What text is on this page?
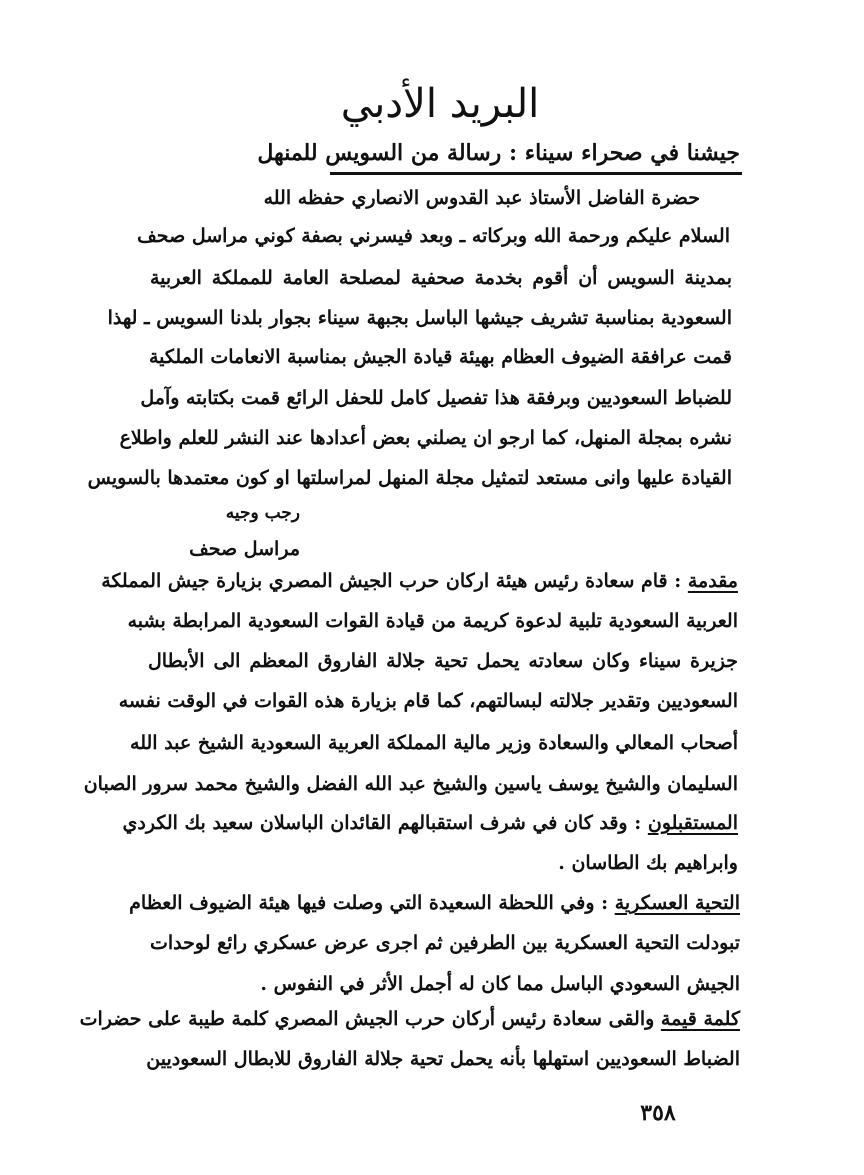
البريد الأدبي
جيشنا في صحراء سيناء : رسالة من السويس للمنهل
حضرة الفاضل الأستاذ عبد القدوس الانصاري حفظه الله
السلام عليكم ورحمة الله وبركاته ـ وبعد فيسرني بصفة كوني مراسل صحف
بمدينة السويس أن أقوم بخدمة صحفية لمصلحة العامة للمملكة العربية
السعودية بمناسبة تشريف جيشها الباسل بجبهة سيناء بجوار بلدنا السويس ـ لهذا
قمت عرافقة الضيوف العظام بهيئة قيادة الجيش بمناسبة الانعامات الملكية
للضباط السعوديين وبرفقة هذا تفصيل كامل للحفل الرائع قمت بكتابته وآمل
نشره بمجلة المنهل، كما ارجو ان يصلني بعض أعدادها عند النشر للعلم واطلاع
القيادة عليها وانى مستعد لتمثيل مجلة المنهل لمراسلتها او كون معتمدها بالسويس
رجب وجيه
مراسل صحف
مقدمة : قام سعادة رئيس هيئة اركان حرب الجيش المصري بزيارة جيش المملكة
العربية السعودية تلبية لدعوة كريمة من قيادة القوات السعودية المرابطة بشبه
جزيرة سيناء وكان سعادته يحمل تحية جلالة الفاروق المعظم الى الأبطال
السعوديين وتقدير جلالته لبسالتهم، كما قام بزيارة هذه القوات في الوقت نفسه
أصحاب المعالي والسعادة وزير مالية المملكة العربية السعودية الشيخ عبد الله
السليمان والشيخ يوسف ياسين والشيخ عبد الله الفضل والشيخ محمد سرور الصبان
المستقبلون : وقد كان في شرف استقبالهم القائدان الباسلان سعيد بك الكردي
وابراهيم بك الطاسان .
التحية العسكرية : وفي اللحظة السعيدة التي وصلت فيها هيئة الضيوف العظام
تبودلت التحية العسكرية بين الطرفين ثم اجرى عرض عسكري رائع لوحدات
الجيش السعودي الباسل مما كان له أجمل الأثر في النفوس .
كلمة قيمة والقى سعادة رئيس أركان حرب الجيش المصري كلمة طيبة على حضرات
الضباط السعوديين استهلها بأنه يحمل تحية جلالة الفاروق للابطال السعوديين
٣٥٨
